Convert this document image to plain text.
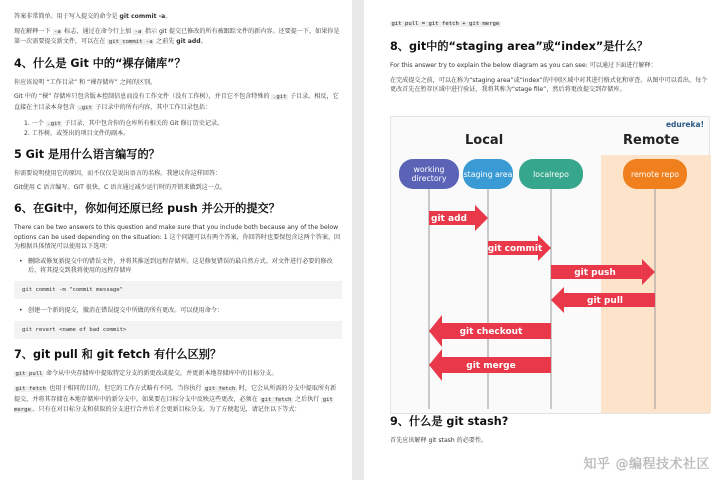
答案非常简单。用于写入提交的命令是 git commit -a。

现在解释一下 -a 标志，通过在命令行上加 -a 指示 git 提交已修改的所有被跟踪文件的新内容。还要提一下，如果你是第一次需要提交新文件，可以在在 git commit -a 之前先 git add。

4、什么是 Git 中的“裸存储库”？

你应该说明 “工作目录” 和 “裸存储库” 之间的区别。

Git 中的 “裸” 存储库只包含版本控制信息而没有工作文件（没有工作树），并且它不包含特殊的 .git 子目录。相反，它直接在主目录本身包含 .git 子目录中的所有内容，其中工作目录包括：

1. 一个 .git 子目录，其中包含你的仓库所有相关的 Git 修订历史记录。
2. 工作树，或签出的项目文件的副本。
5 Git 是用什么语言编写的？

你需要说明使用它的原因，而不仅仅是说出语言的名称。我建议你这样回答：

Git使用 C 语言编写。GIT 很快，C 语言通过减少运行时的开销来做到这一点。

6、在Git中，你如何还原已经 push 并公开的提交？

There can be two answers to this question and make sure that you include both because any of the below options can be used depending on the situation: 1 这个问题可以有两个答案，你回答时也要保包含这两个答案，因为根据具体情况可以使用以下选项：

• 删除或修复新提交中的错误文件，并将其推送到远程存储库。这是修复错误的最自然方式。对文件进行必要的修改后，将其提交到我将使用的远程存储库
git commit -m "commit message"
• 创建一个新的提交，撤消在错误提交中所做的所有更改。可以使用命令：
git revert <name of bad commit>
7、git pull 和 git fetch 有什么区别？

git pull 命令从中央存储库中提取特定分支的新更改或提交，并更新本地存储库中的目标分支。

git fetch 也用于相同的目的，但它的工作方式略有不同。当你执行 git fetch 时，它会从所需的分支中提取所有新提交，并将其存储在本地存储库中的新分支中。如果要在目标分支中反映这些更改，必须在 git fetch 之后执行 git merge 。只有在对目标分支和获取的分支进行合并后才会更新目标分支。为了方便起见，请记住以下等式：

git pull = git fetch + git merge
8、git中的“staging area”或“index”是什么？

For this answer try to explain the below diagram as you can see: 可以通过下面进行解释：

在完成提交之前，可以在称为“staging area”或“index”的中间区域中对其进行格式化和审查。从图中可以看出，每个更改首先在暂存区域中进行验证，我将其称为“stage file”，然后将更改提交到存储库。

9、什么是 git stash?

首先应该解释 git stash 的必要性。

知乎 @编程技术社区
edureka!
Local	Remote
working directory	staging area	localrepo	remote repo
git add
git commit
git push
git pull
git checkout
git merge
